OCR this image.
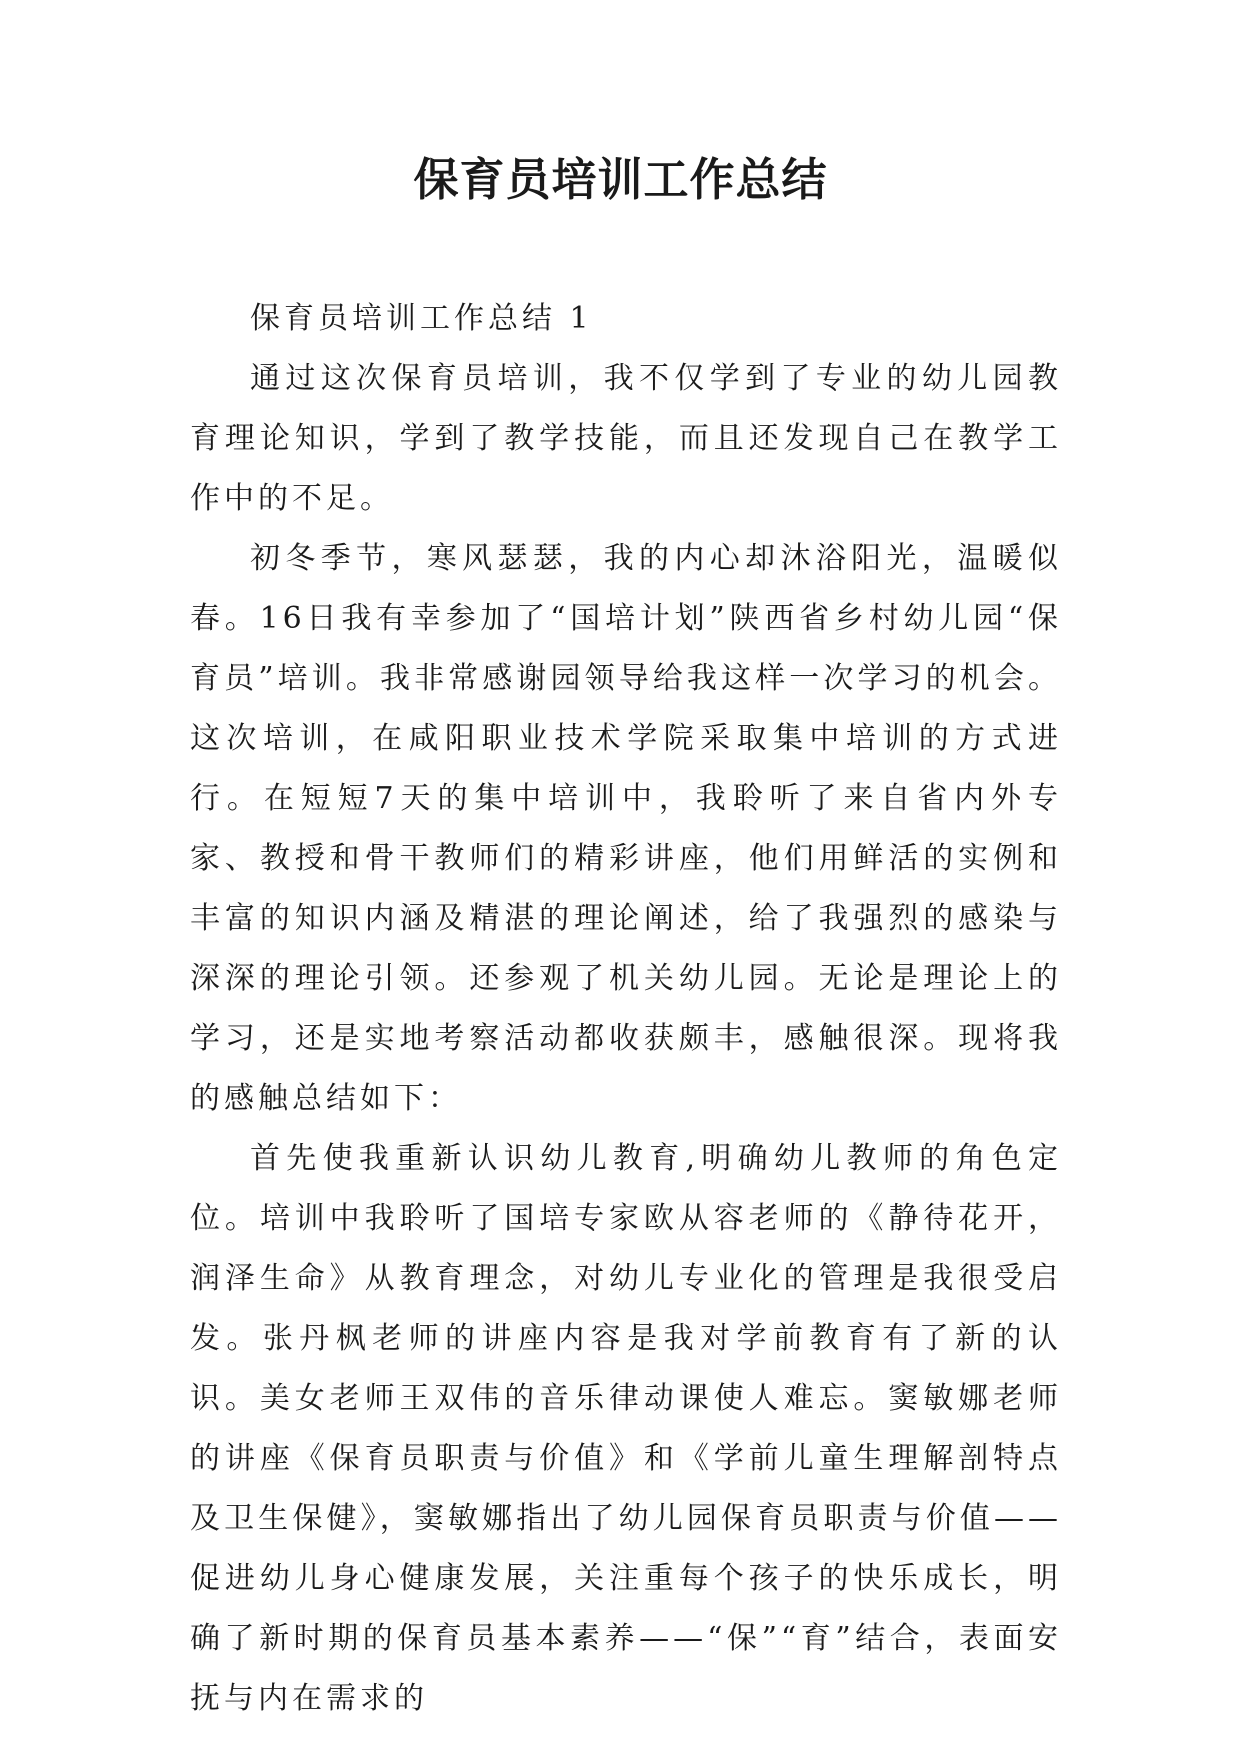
保育员培训工作总结

保育员培训工作总结 1

通过这次保育员培训，我不仅学到了专业的幼儿园教育理论知识，学到了教学技能，而且还发现自己在教学工作中的不足。

初冬季节，寒风瑟瑟，我的内心却沐浴阳光，温暖似春。16日我有幸参加了“国培计划”陕西省乡村幼儿园“保育员”培训。我非常感谢园领导给我这样一次学习的机会。这次培训，在咸阳职业技术学院采取集中培训的方式进行。在短短7天的集中培训中，我聆听了来自省内外专家、教授和骨干教师们的精彩讲座，他们用鲜活的实例和丰富的知识内涵及精湛的理论阐述，给了我强烈的感染与深深的理论引领。还参观了机关幼儿园。无论是理论上的学习，还是实地考察活动都收获颇丰，感触很深。现将我的感触总结如下：

首先使我重新认识幼儿教育,明确幼儿教师的角色定位。培训中我聆听了国培专家欧从容老师的《静待花开，润泽生命》从教育理念，对幼儿专业化的管理是我很受启发。张丹枫老师的讲座内容是我对学前教育有了新的认识。美女老师王双伟的音乐律动课使人难忘。窦敏娜老师的讲座《保育员职责与价值》和《学前儿童生理解剖特点及卫生保健》，窦敏娜指出了幼儿园保育员职责与价值——促进幼儿身心健康发展，关注重每个孩子的快乐成长，明确了新时期的保育员基本素养——“保”“育”结合，表面安抚与内在需求的
